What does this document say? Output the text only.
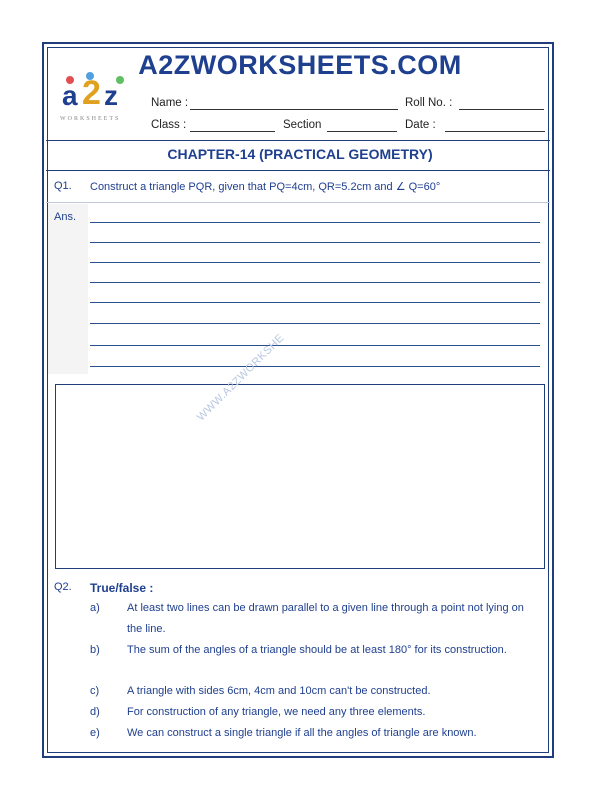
A2ZWORKSHEETS.COM
a 2 z
WORKSHEETS
Name :	Roll No. :
Class :	Section	Date :
CHAPTER-14 (PRACTICAL GEOMETRY)
Q1. Construct a triangle PQR, given that PQ=4cm, QR=5.2cm and ∠ Q=60°
Ans.
WWW.A2ZWORKSHE
Q2. True/false :
a) At least two lines can be drawn parallel to a given line through a point not lying on the line.
b) The sum of the angles of a triangle should be at least 180° for its construction.
c)	A triangle with sides 6cm, 4cm and 10cm can't be constructed.
d) For construction of any triangle, we need any three elements.
e) We can construct a single triangle if all the angles of triangle are known.
